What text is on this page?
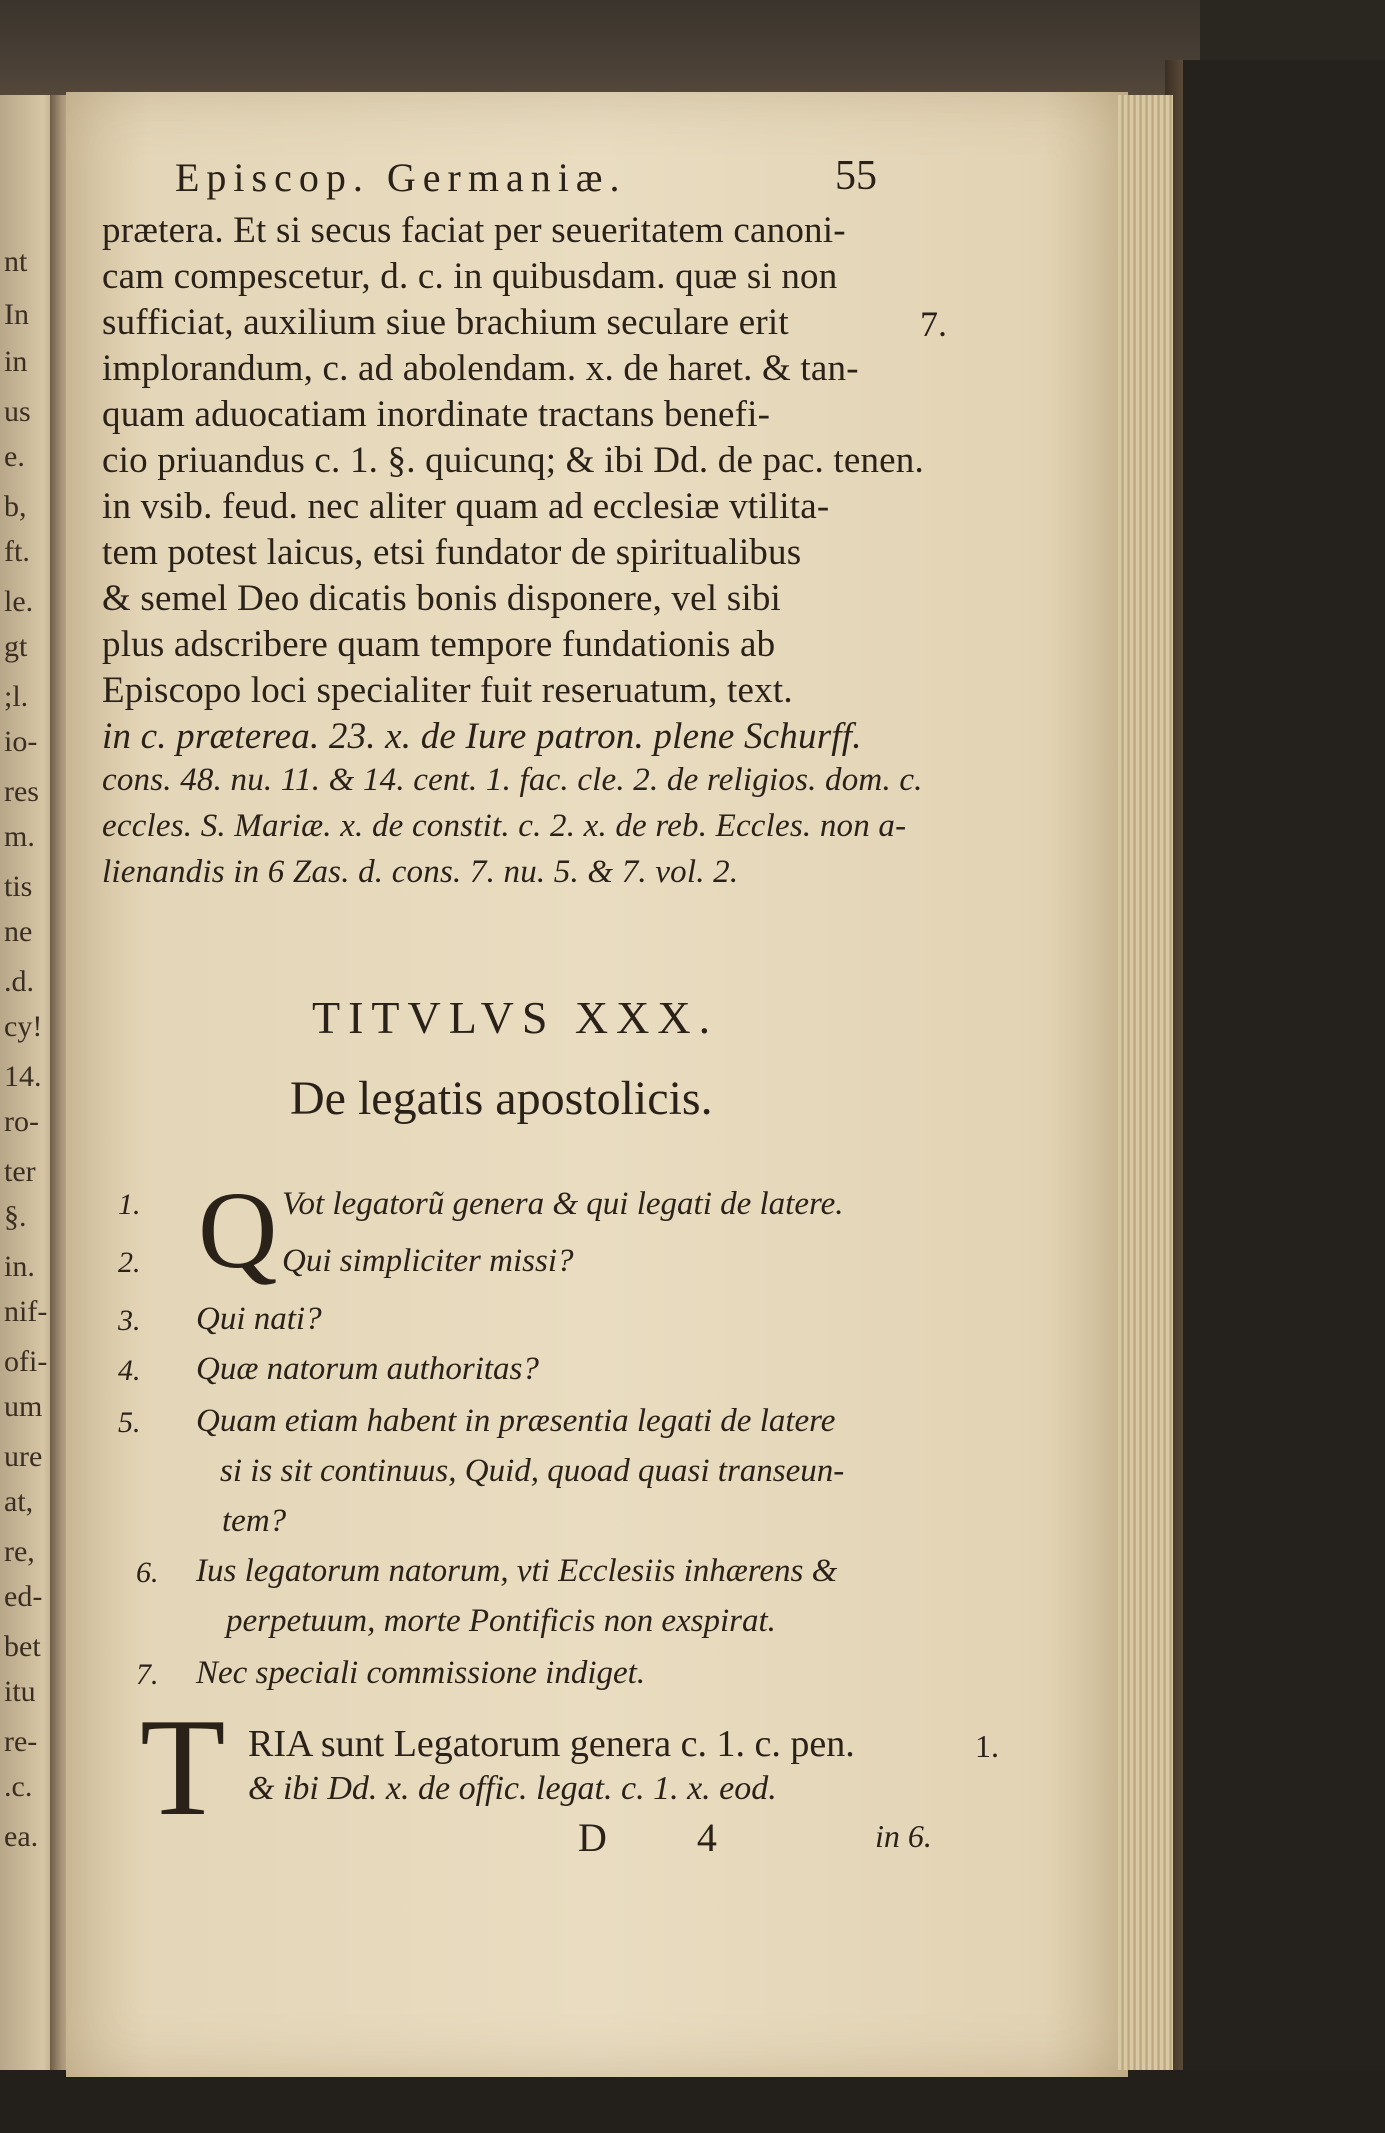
nt
In
in
us
e.
b,
ft.
le.
gt
;l.
io-
res
m.
tis
ne
.d.
cy!
14.
ro-
ter
§.
in.
nif-
ofi-
um
ure
at,
re,
ed-
bet
itu
re-
.c.
ea.
Episcop. Germaniæ.	55
prætera. Et si secus faciat per seueritatem canoni-
cam compescetur, d. c. in quibusdam. quæ si non
sufficiat, auxilium siue brachium seculare erit
implorandum, c. ad abolendam. x. de haret. & tan-
quam aduocatiam inordinate tractans benefi-
cio priuandus c. 1. §. quicunq; & ibi Dd. de pac. tenen.
in vsib. feud. nec aliter quam ad ecclesiæ vtilita-
tem potest laicus, etsi fundator de spiritualibus
& semel Deo dicatis bonis disponere, vel sibi
plus adscribere quam tempore fundationis ab
Episcopo loci specialiter fuit reseruatum, text.
in c. præterea. 23. x. de Iure patron. plene Schurff.
cons. 48. nu. 11. & 14. cent. 1. fac. cle. 2. de religios. dom. c.
eccles. S. Mariæ. x. de constit. c. 2. x. de reb. Eccles. non a-
lienandis in 6 Zas. d. cons. 7. nu. 5. & 7. vol. 2.
7.
TITVLVS XXX.
De legatis apostolicis.
Q
1.	Vot legatorũ genera & qui legati de latere.
2.	Qui simpliciter missi?
3. Qui nati?
4. Quæ natorum authoritas?
5. Quam etiam habent in præsentia legati de latere
si is sit continuus, Quid, quoad quasi transeun-
tem?
6. Ius legatorum natorum, vti Ecclesiis inhærens &
perpetuum, morte Pontificis non exspirat.
7. Nec speciali commissione indiget.
T RIA sunt Legatorum genera c. 1. c. pen.
& ibi Dd. x. de offic. legat. c. 1. x. eod.
in 6.
1.
D 4
